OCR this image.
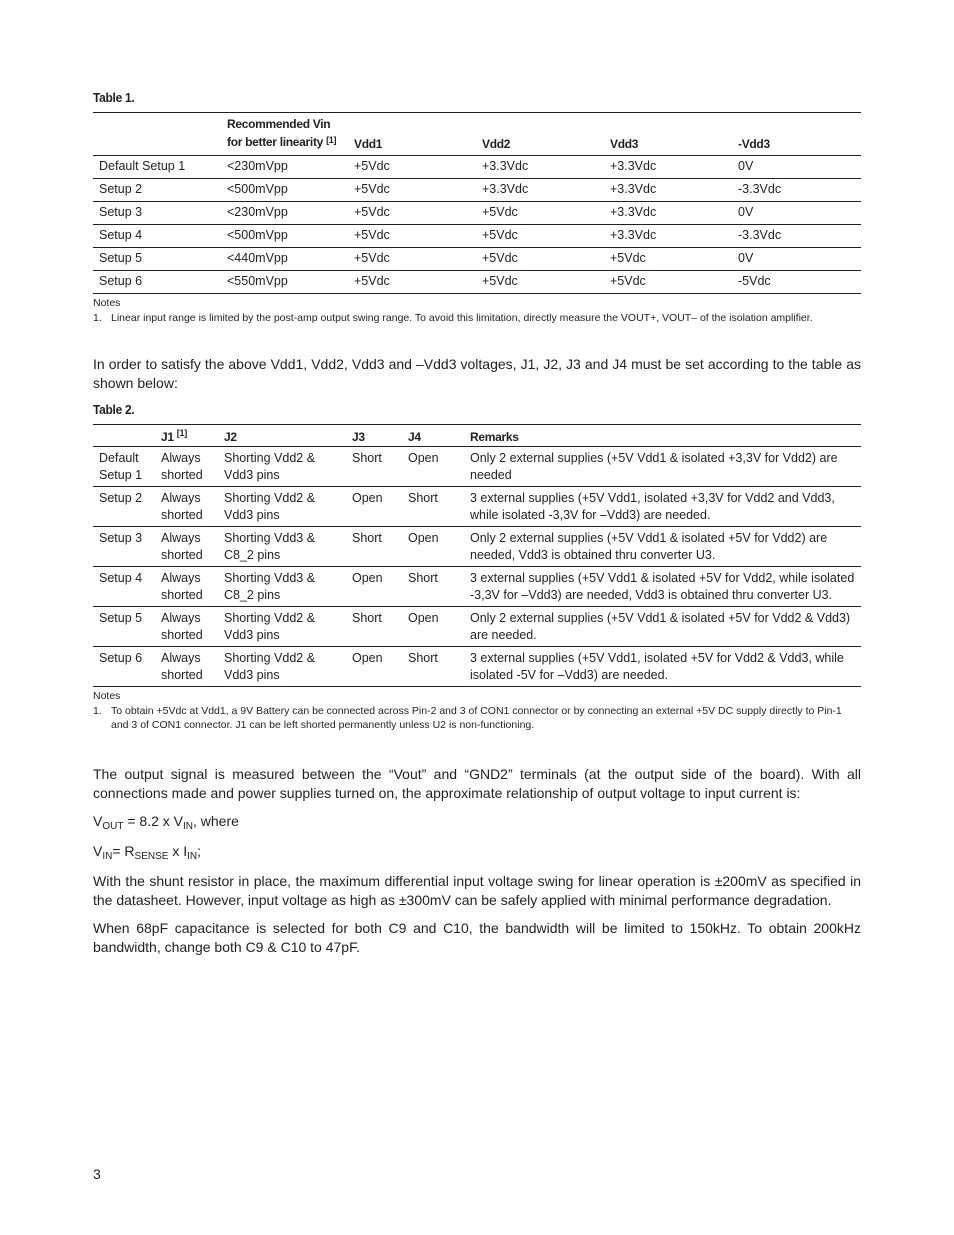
Table 1.
	Recommended Vin for better linearity [1]	Vdd1	Vdd2	Vdd3	-Vdd3
Default Setup 1	<230mVpp	+5Vdc	+3.3Vdc	+3.3Vdc	0V
Setup 2	<500mVpp	+5Vdc	+3.3Vdc	+3.3Vdc	-3.3Vdc
Setup 3	<230mVpp	+5Vdc	+5Vdc	+3.3Vdc	0V
Setup 4	<500mVpp	+5Vdc	+5Vdc	+3.3Vdc	-3.3Vdc
Setup 5	<440mVpp	+5Vdc	+5Vdc	+5Vdc	0V
Setup 6	<550mVpp	+5Vdc	+5Vdc	+5Vdc	-5Vdc
Notes
1. Linear input range is limited by the post-amp output swing range. To avoid this limitation, directly measure the VOUT+, VOUT– of the isolation amplifier.

In order to satisfy the above Vdd1, Vdd2, Vdd3 and –Vdd3 voltages, J1, J2, J3 and J4 must be set according to the table as shown below:

Table 2.
	J1 [1]	J2	J3	J4	Remarks
Default Setup 1	Always shorted	Shorting Vdd2 & Vdd3 pins	Short	Open	Only 2 external supplies (+5V Vdd1 & isolated +3,3V for Vdd2) are needed
Setup 2	Always shorted	Shorting Vdd2 & Vdd3 pins	Open	Short	3 external supplies (+5V Vdd1, isolated +3,3V for Vdd2 and Vdd3, while isolated -3,3V for –Vdd3) are needed.
Setup 3	Always shorted	Shorting Vdd3 & C8_2 pins	Short	Open	Only 2 external supplies (+5V Vdd1 & isolated +5V for Vdd2) are needed, Vdd3 is obtained thru converter U3.
Setup 4	Always shorted	Shorting Vdd3 & C8_2 pins	Open	Short	3 external supplies (+5V Vdd1 & isolated +5V for Vdd2, while isolated -3,3V for –Vdd3) are needed, Vdd3 is obtained thru converter U3.
Setup 5	Always shorted	Shorting Vdd2 & Vdd3 pins	Short	Open	Only 2 external supplies (+5V Vdd1 & isolated +5V for Vdd2 & Vdd3) are needed.
Setup 6	Always shorted	Shorting Vdd2 & Vdd3 pins	Open	Short	3 external supplies (+5V Vdd1, isolated +5V for Vdd2 & Vdd3, while isolated -5V for –Vdd3) are needed.
Notes
1. To obtain +5Vdc at Vdd1, a 9V Battery can be connected across Pin-2 and 3 of CON1 connector or by connecting an external +5V DC supply directly to Pin-1 and 3 of CON1 connector. J1 can be left shorted permanently unless U2 is non-functioning.

The output signal is measured between the “Vout” and “GND2” terminals (at the output side of the board). With all connections made and power supplies turned on, the approximate relationship of output voltage to input current is:

$V_{OUT} = 8.2$ x $V_{IN}$, where

$V_{IN}= R_{SENSE}$ x $I_{IN}$;

With the shunt resistor in place, the maximum differential input voltage swing for linear operation is ±200mV as specified in the datasheet. However, input voltage as high as ±300mV can be safely applied with minimal performance degradation.

When 68pF capacitance is selected for both C9 and C10, the bandwidth will be limited to 150kHz. To obtain 200kHz bandwidth, change both C9 & C10 to 47pF.

3
